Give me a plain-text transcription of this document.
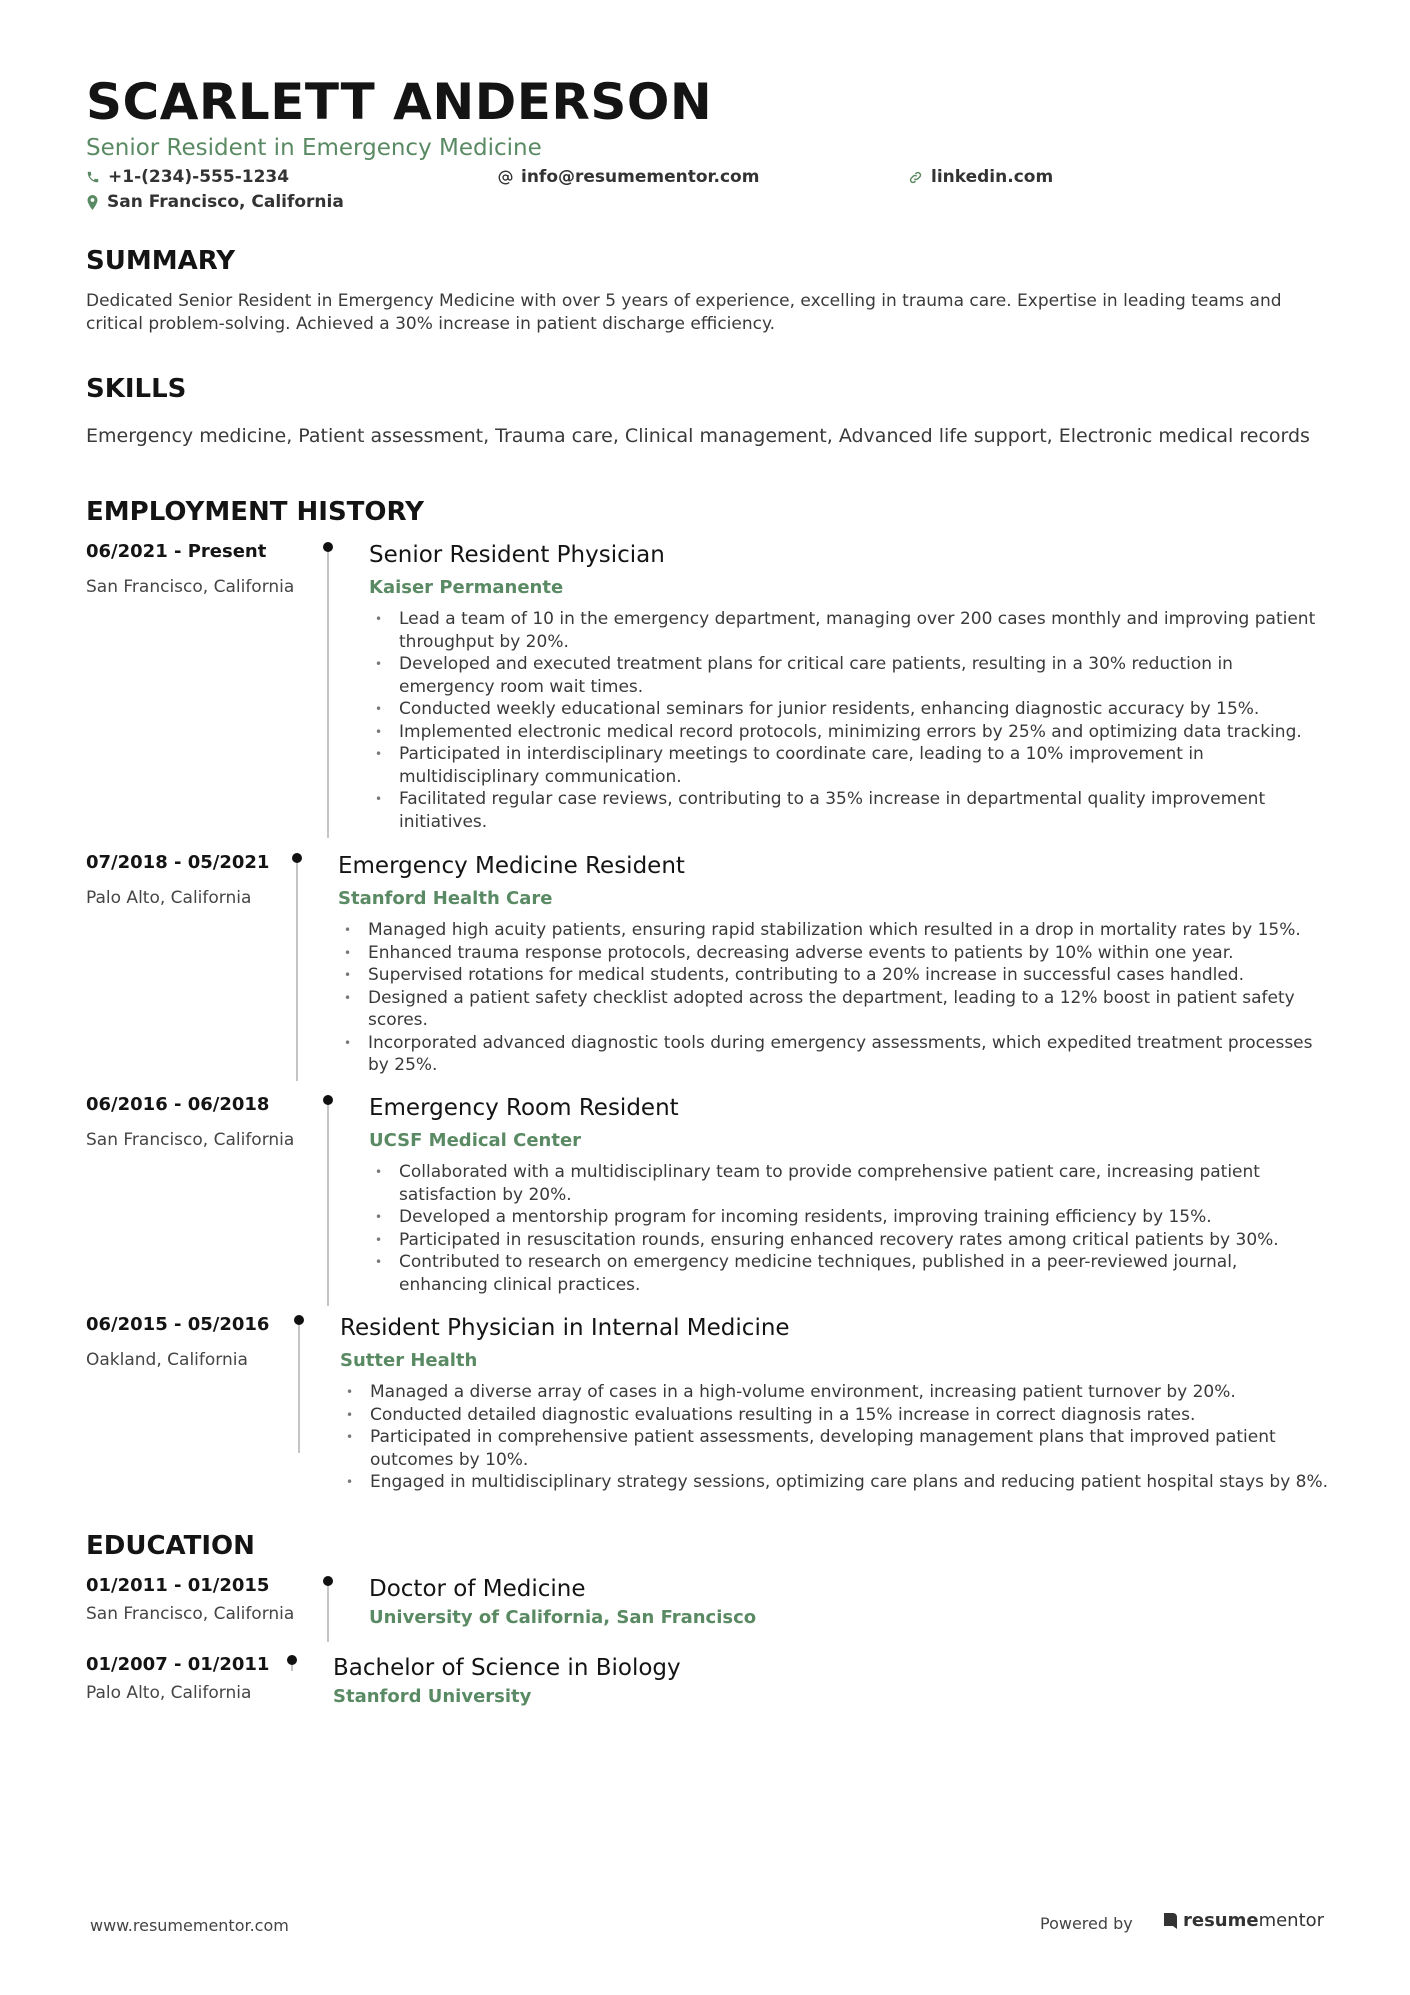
SCARLETT ANDERSON
Senior Resident in Emergency Medicine
+1-(234)-555-1234	info@resumementor.com	linkedin.com
San Francisco, California
SUMMARY
Dedicated Senior Resident in Emergency Medicine with over 5 years of experience, excelling in trauma care. Expertise in leading teams and critical problem-solving. Achieved a 30% increase in patient discharge efficiency.
SKILLS
Emergency medicine, Patient assessment, Trauma care, Clinical management, Advanced life support, Electronic medical records
EMPLOYMENT HISTORY
06/2021 - Present
San Francisco, California
Senior Resident Physician
Kaiser Permanente
• Lead a team of 10 in the emergency department, managing over 200 cases monthly and improving patient throughput by 20%.
• Developed and executed treatment plans for critical care patients, resulting in a 30% reduction in emergency room wait times.
• Conducted weekly educational seminars for junior residents, enhancing diagnostic accuracy by 15%.
• Implemented electronic medical record protocols, minimizing errors by 25% and optimizing data tracking.
• Participated in interdisciplinary meetings to coordinate care, leading to a 10% improvement in multidisciplinary communication.
• Facilitated regular case reviews, contributing to a 35% increase in departmental quality improvement initiatives.
07/2018 - 05/2021
Palo Alto, California
Emergency Medicine Resident
Stanford Health Care
• Managed high acuity patients, ensuring rapid stabilization which resulted in a drop in mortality rates by 15%.
• Enhanced trauma response protocols, decreasing adverse events to patients by 10% within one year.
• Supervised rotations for medical students, contributing to a 20% increase in successful cases handled.
• Designed a patient safety checklist adopted across the department, leading to a 12% boost in patient safety scores.
• Incorporated advanced diagnostic tools during emergency assessments, which expedited treatment processes by 25%.
06/2016 - 06/2018
San Francisco, California
Emergency Room Resident
UCSF Medical Center
• Collaborated with a multidisciplinary team to provide comprehensive patient care, increasing patient satisfaction by 20%.
• Developed a mentorship program for incoming residents, improving training efficiency by 15%.
• Participated in resuscitation rounds, ensuring enhanced recovery rates among critical patients by 30%.
• Contributed to research on emergency medicine techniques, published in a peer-reviewed journal, enhancing clinical practices.
06/2015 - 05/2016
Oakland, California
Resident Physician in Internal Medicine
Sutter Health
• Managed a diverse array of cases in a high-volume environment, increasing patient turnover by 20%.
• Conducted detailed diagnostic evaluations resulting in a 15% increase in correct diagnosis rates.
• Participated in comprehensive patient assessments, developing management plans that improved patient outcomes by 10%.
• Engaged in multidisciplinary strategy sessions, optimizing care plans and reducing patient hospital stays by 8%.
EDUCATION
01/2011 - 01/2015
San Francisco, California
Doctor of Medicine
University of California, San Francisco
01/2007 - 01/2011
Palo Alto, California
Bachelor of Science in Biology
Stanford University
www.resumementor.com	Powered by	resume mentor
